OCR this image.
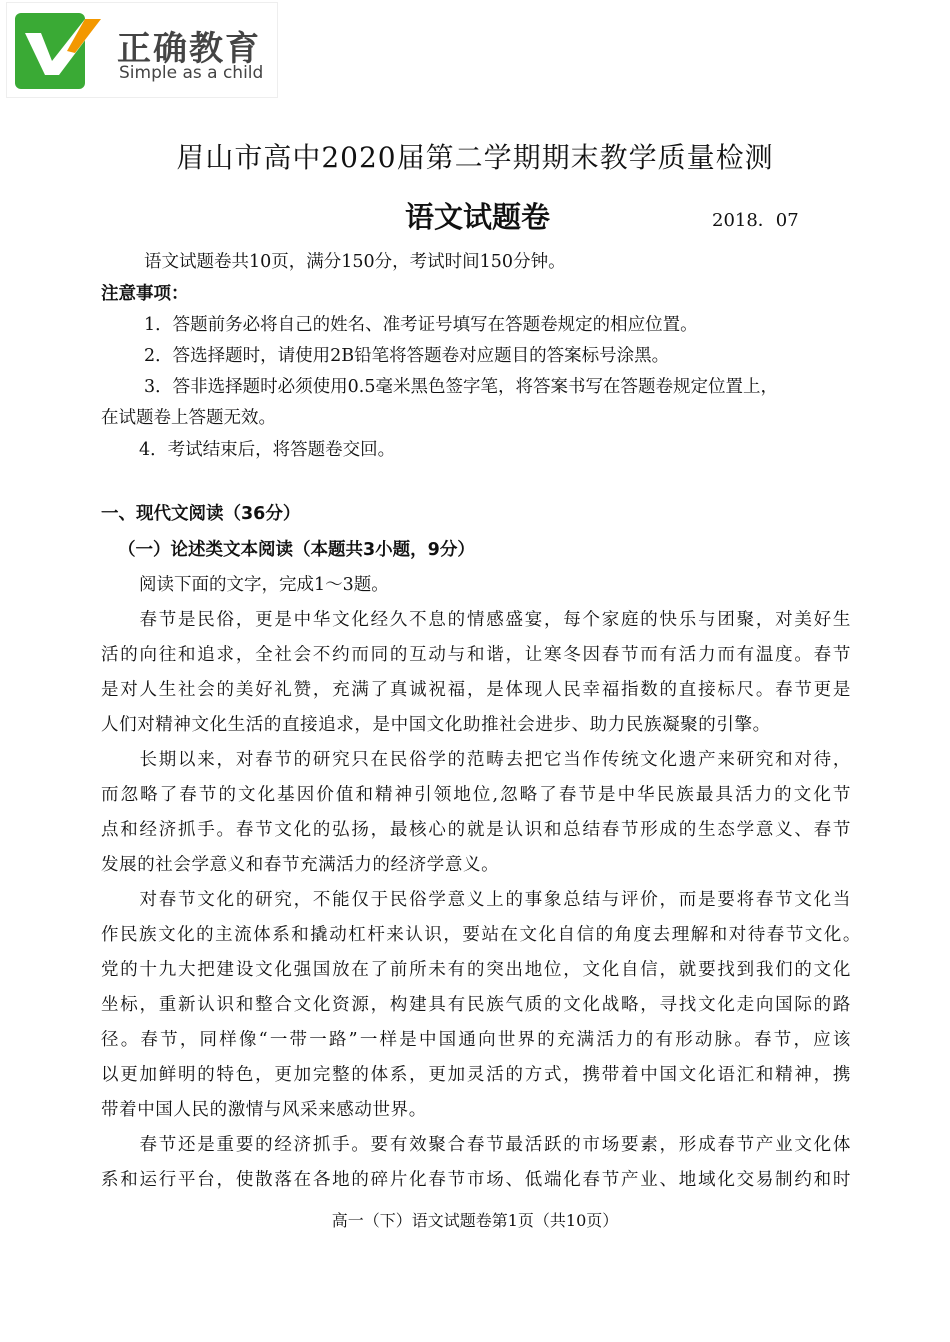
正确教育
Simple as a child
眉山市高中2020届第二学期期末教学质量检测
语文试题卷	2018．07
语文试题卷共10页，满分150分，考试时间150分钟。
注意事项：
1．答题前务必将自己的姓名、准考证号填写在答题卷规定的相应位置。
2．答选择题时，请使用2B铅笔将答题卷对应题目的答案标号涂黑。
3．答非选择题时必须使用0.5毫米黑色签字笔，将答案书写在答题卷规定位置上，
在试题卷上答题无效。
4．考试结束后，将答题卷交回。
一、现代文阅读（36分）
（一）论述类文本阅读（本题共3小题，9分）
阅读下面的文字，完成1～3题。
　　春节是民俗，更是中华文化经久不息的情感盛宴，每个家庭的快乐与团聚，对美好生
活的向往和追求，全社会不约而同的互动与和谐，让寒冬因春节而有活力而有温度。春节
是对人生社会的美好礼赞，充满了真诚祝福，是体现人民幸福指数的直接标尺。春节更是
人们对精神文化生活的直接追求，是中国文化助推社会进步、助力民族凝聚的引擎。
　　长期以来，对春节的研究只在民俗学的范畴去把它当作传统文化遗产来研究和对待，
而忽略了春节的文化基因价值和精神引领地位,忽略了春节是中华民族最具活力的文化节
点和经济抓手。春节文化的弘扬，最核心的就是认识和总结春节形成的生态学意义、春节
发展的社会学意义和春节充满活力的经济学意义。
　　对春节文化的研究，不能仅于民俗学意义上的事象总结与评价，而是要将春节文化当
作民族文化的主流体系和撬动杠杆来认识，要站在文化自信的角度去理解和对待春节文化。
党的十九大把建设文化强国放在了前所未有的突出地位，文化自信，就要找到我们的文化
坐标，重新认识和整合文化资源，构建具有民族气质的文化战略，寻找文化走向国际的路
径。春节，同样像“一带一路”一样是中国通向世界的充满活力的有形动脉。春节，应该
以更加鲜明的特色，更加完整的体系，更加灵活的方式，携带着中国文化语汇和精神，携
带着中国人民的激情与风采来感动世界。
　　春节还是重要的经济抓手。要有效聚合春节最活跃的市场要素，形成春节产业文化体
系和运行平台，使散落在各地的碎片化春节市场、低端化春节产业、地域化交易制约和时
高一（下）语文试题卷第1页（共10页）
